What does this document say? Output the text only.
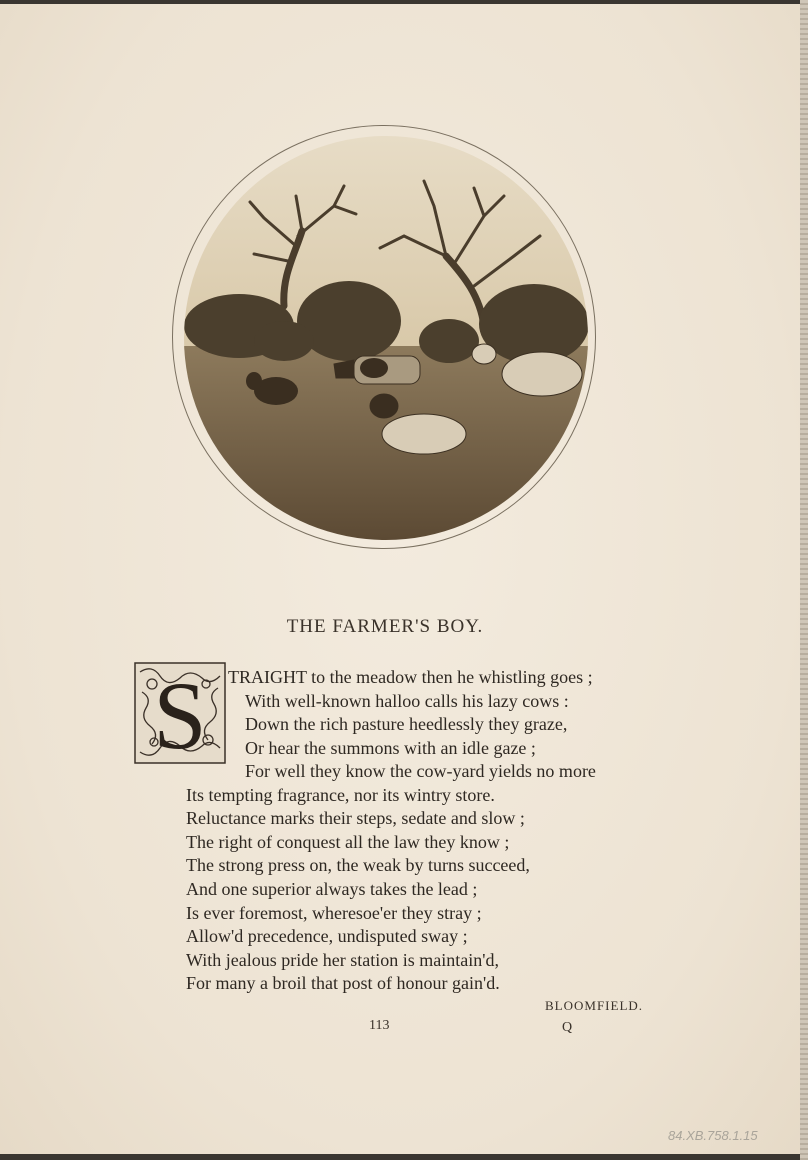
THE FARMER'S BOY.
S TRAIGHT to the meadow then he whistling goes ;
With well-known halloo calls his lazy cows :
Down the rich pasture heedlessly they graze,
Or hear the summons with an idle gaze ;
For well they know the cow-yard yields no more
Its tempting fragrance, nor its wintry store.
Reluctance marks their steps, sedate and slow ;
The right of conquest all the law they know ;
The strong press on, the weak by turns succeed,
And one superior always takes the lead ;
Is ever foremost, wheresoe'er they stray ;
Allow'd precedence, undisputed sway ;
With jealous pride her station is maintain'd,
For many a broil that post of honour gain'd.
BLOOMFIELD.
113	Q
84.XB.758.1.15
